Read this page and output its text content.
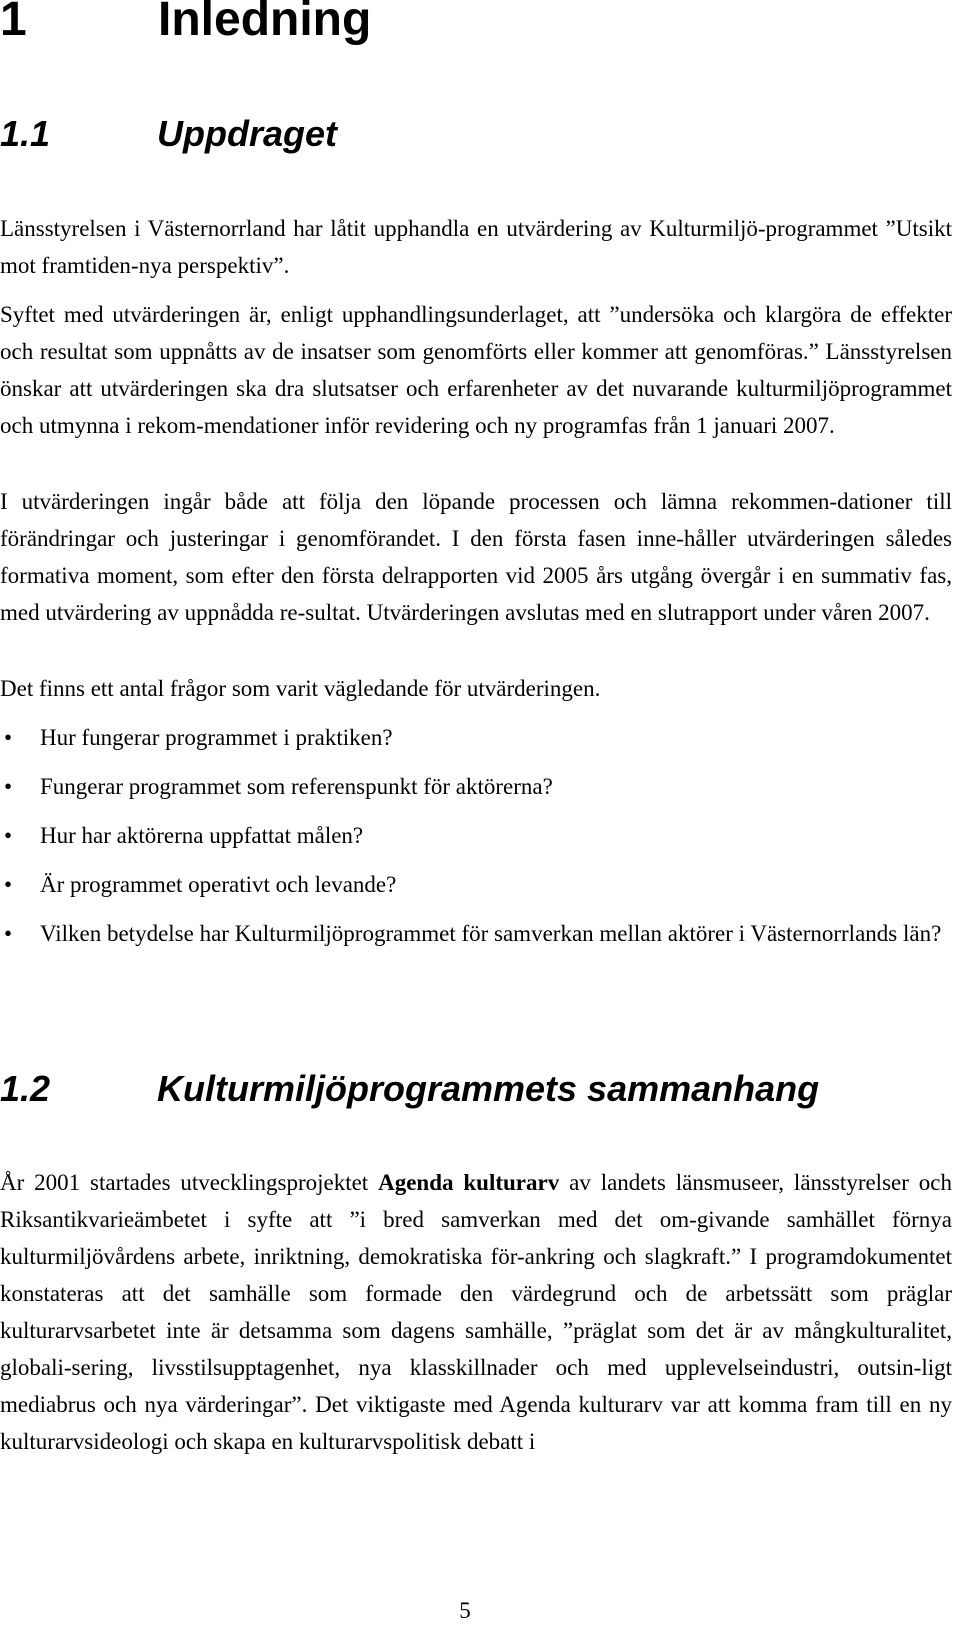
1	Inledning
1.1	Uppdraget

Länsstyrelsen i Västernorrland har låtit upphandla en utvärdering av Kulturmiljö-programmet ”Utsikt mot framtiden-nya perspektiv”.

Syftet med utvärderingen är, enligt upphandlingsunderlaget, att ”undersöka och klargöra de effekter och resultat som uppnåtts av de insatser som genomförts eller kommer att genomföras.” Länsstyrelsen önskar att utvärderingen ska dra slutsatser och erfarenheter av det nuvarande kulturmiljöprogrammet och utmynna i rekom-mendationer inför revidering och ny programfas från 1 januari 2007.

I utvärderingen ingår både att följa den löpande processen och lämna rekommen-dationer till förändringar och justeringar i genomförandet. I den första fasen inne-håller utvärderingen således formativa moment, som efter den första delrapporten vid 2005 års utgång övergår i en summativ fas, med utvärdering av uppnådda re-sultat. Utvärderingen avslutas med en slutrapport under våren 2007.

Det finns ett antal frågor som varit vägledande för utvärderingen.

• Hur fungerar programmet i praktiken?
• Fungerar programmet som referenspunkt för aktörerna?
• Hur har aktörerna uppfattat målen?
• Är programmet operativt och levande?
• Vilken betydelse har Kulturmiljöprogrammet för samverkan mellan aktörer i Västernorrlands län?
1.2	Kulturmiljöprogrammets sammanhang

År 2001 startades utvecklingsprojektet Agenda kulturarv av landets länsmuseer, länsstyrelser och Riksantikvarieämbetet i syfte att ”i bred samverkan med det om-givande samhället förnya kulturmiljövårdens arbete, inriktning, demokratiska för-ankring och slagkraft.” I programdokumentet konstateras att det samhälle som formade den värdegrund och de arbetssätt som präglar kulturarvsarbetet inte är detsamma som dagens samhälle, ”präglat som det är av mångkulturalitet, globali-sering, livsstilsupptagenhet, nya klasskillnader och med upplevelseindustri, outsin-ligt mediabrus och nya värderingar”. Det viktigaste med Agenda kulturarv var att komma fram till en ny kulturarvsideologi och skapa en kulturarvspolitisk debatt i

5
